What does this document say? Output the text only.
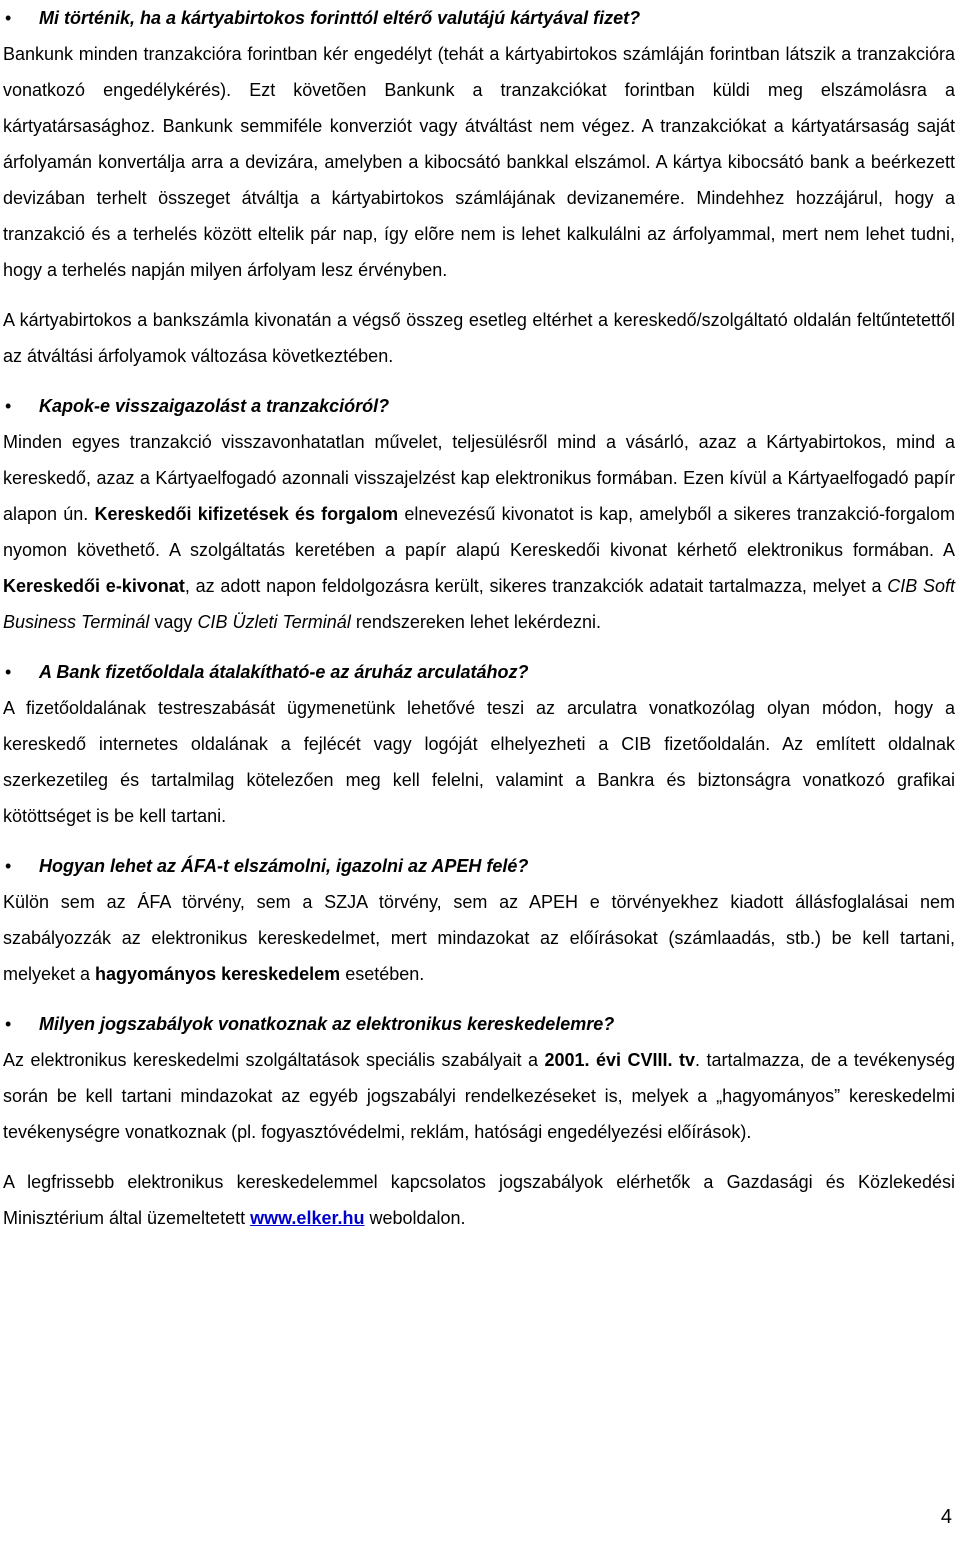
• Mi történik, ha a kártyabirtokos forinttól eltérő valutájú kártyával fizet?

Bankunk minden tranzakcióra forintban kér engedélyt (tehát a kártyabirtokos számláján forintban látszik a tranzakcióra vonatkozó engedélykérés). Ezt követõen Bankunk a tranzakciókat forintban küldi meg elszámolásra a kártyatársasághoz. Bankunk semmiféle konverziót vagy átváltást nem végez. A tranzakciókat a kártyatársaság saját árfolyamán konvertálja arra a devizára, amelyben a kibocsátó bankkal elszámol. A kártya kibocsátó bank a beérkezett devizában terhelt összeget átváltja a kártyabirtokos számlájának devizanemére. Mindehhez hozzájárul, hogy a tranzakció és a terhelés között eltelik pár nap, így elõre nem is lehet kalkulálni az árfolyammal, mert nem lehet tudni, hogy a terhelés napján milyen árfolyam lesz érvényben.

A kártyabirtokos a bankszámla kivonatán a végső összeg esetleg eltérhet a kereskedő/szolgáltató oldalán feltűntetettől az átváltási árfolyamok változása következtében.

• Kapok-e visszaigazolást a tranzakcióról?

Minden egyes tranzakció visszavonhatatlan művelet, teljesülésről mind a vásárló, azaz a Kártyabirtokos, mind a kereskedő, azaz a Kártyaelfogadó azonnali visszajelzést kap elektronikus formában. Ezen kívül a Kártyaelfogadó papír alapon ún. Kereskedői kifizetések és forgalom elnevezésű kivonatot is kap, amelyből a sikeres tranzakció-forgalom nyomon követhető. A szolgáltatás keretében a papír alapú Kereskedői kivonat kérhető elektronikus formában. A Kereskedői e-kivonat, az adott napon feldolgozásra került, sikeres tranzakciók adatait tartalmazza, melyet a CIB Soft Business Terminál vagy CIB Üzleti Terminál rendszereken lehet lekérdezni.

• A Bank fizetőoldala átalakítható-e az áruház arculatához?

A fizetőoldalának testreszabását ügymenetünk lehetővé teszi az arculatra vonatkozólag olyan módon, hogy a kereskedő internetes oldalának a fejlécét vagy logóját elhelyezheti a CIB fizetőoldalán. Az említett oldalnak szerkezetileg és tartalmilag kötelezően meg kell felelni, valamint a Bankra és biztonságra vonatkozó grafikai kötöttséget is be kell tartani.

• Hogyan lehet az ÁFA-t elszámolni, igazolni az APEH felé?

Külön sem az ÁFA törvény, sem a SZJA törvény, sem az APEH e törvényekhez kiadott állásfoglalásai nem szabályozzák az elektronikus kereskedelmet, mert mindazokat az előírásokat (számlaadás, stb.) be kell tartani, melyeket a hagyományos kereskedelem esetében.

• Milyen jogszabályok vonatkoznak az elektronikus kereskedelemre?

Az elektronikus kereskedelmi szolgáltatások speciális szabályait a 2001. évi CVIII. tv. tartalmazza, de a tevékenység során be kell tartani mindazokat az egyéb jogszabályi rendelkezéseket is, melyek a „hagyományos” kereskedelmi tevékenységre vonatkoznak (pl. fogyasztóvédelmi, reklám, hatósági engedélyezési előírások).

A legfrissebb elektronikus kereskedelemmel kapcsolatos jogszabályok elérhetők a Gazdasági és Közlekedési Minisztérium által üzemeltetett www.elker.hu weboldalon.

4
